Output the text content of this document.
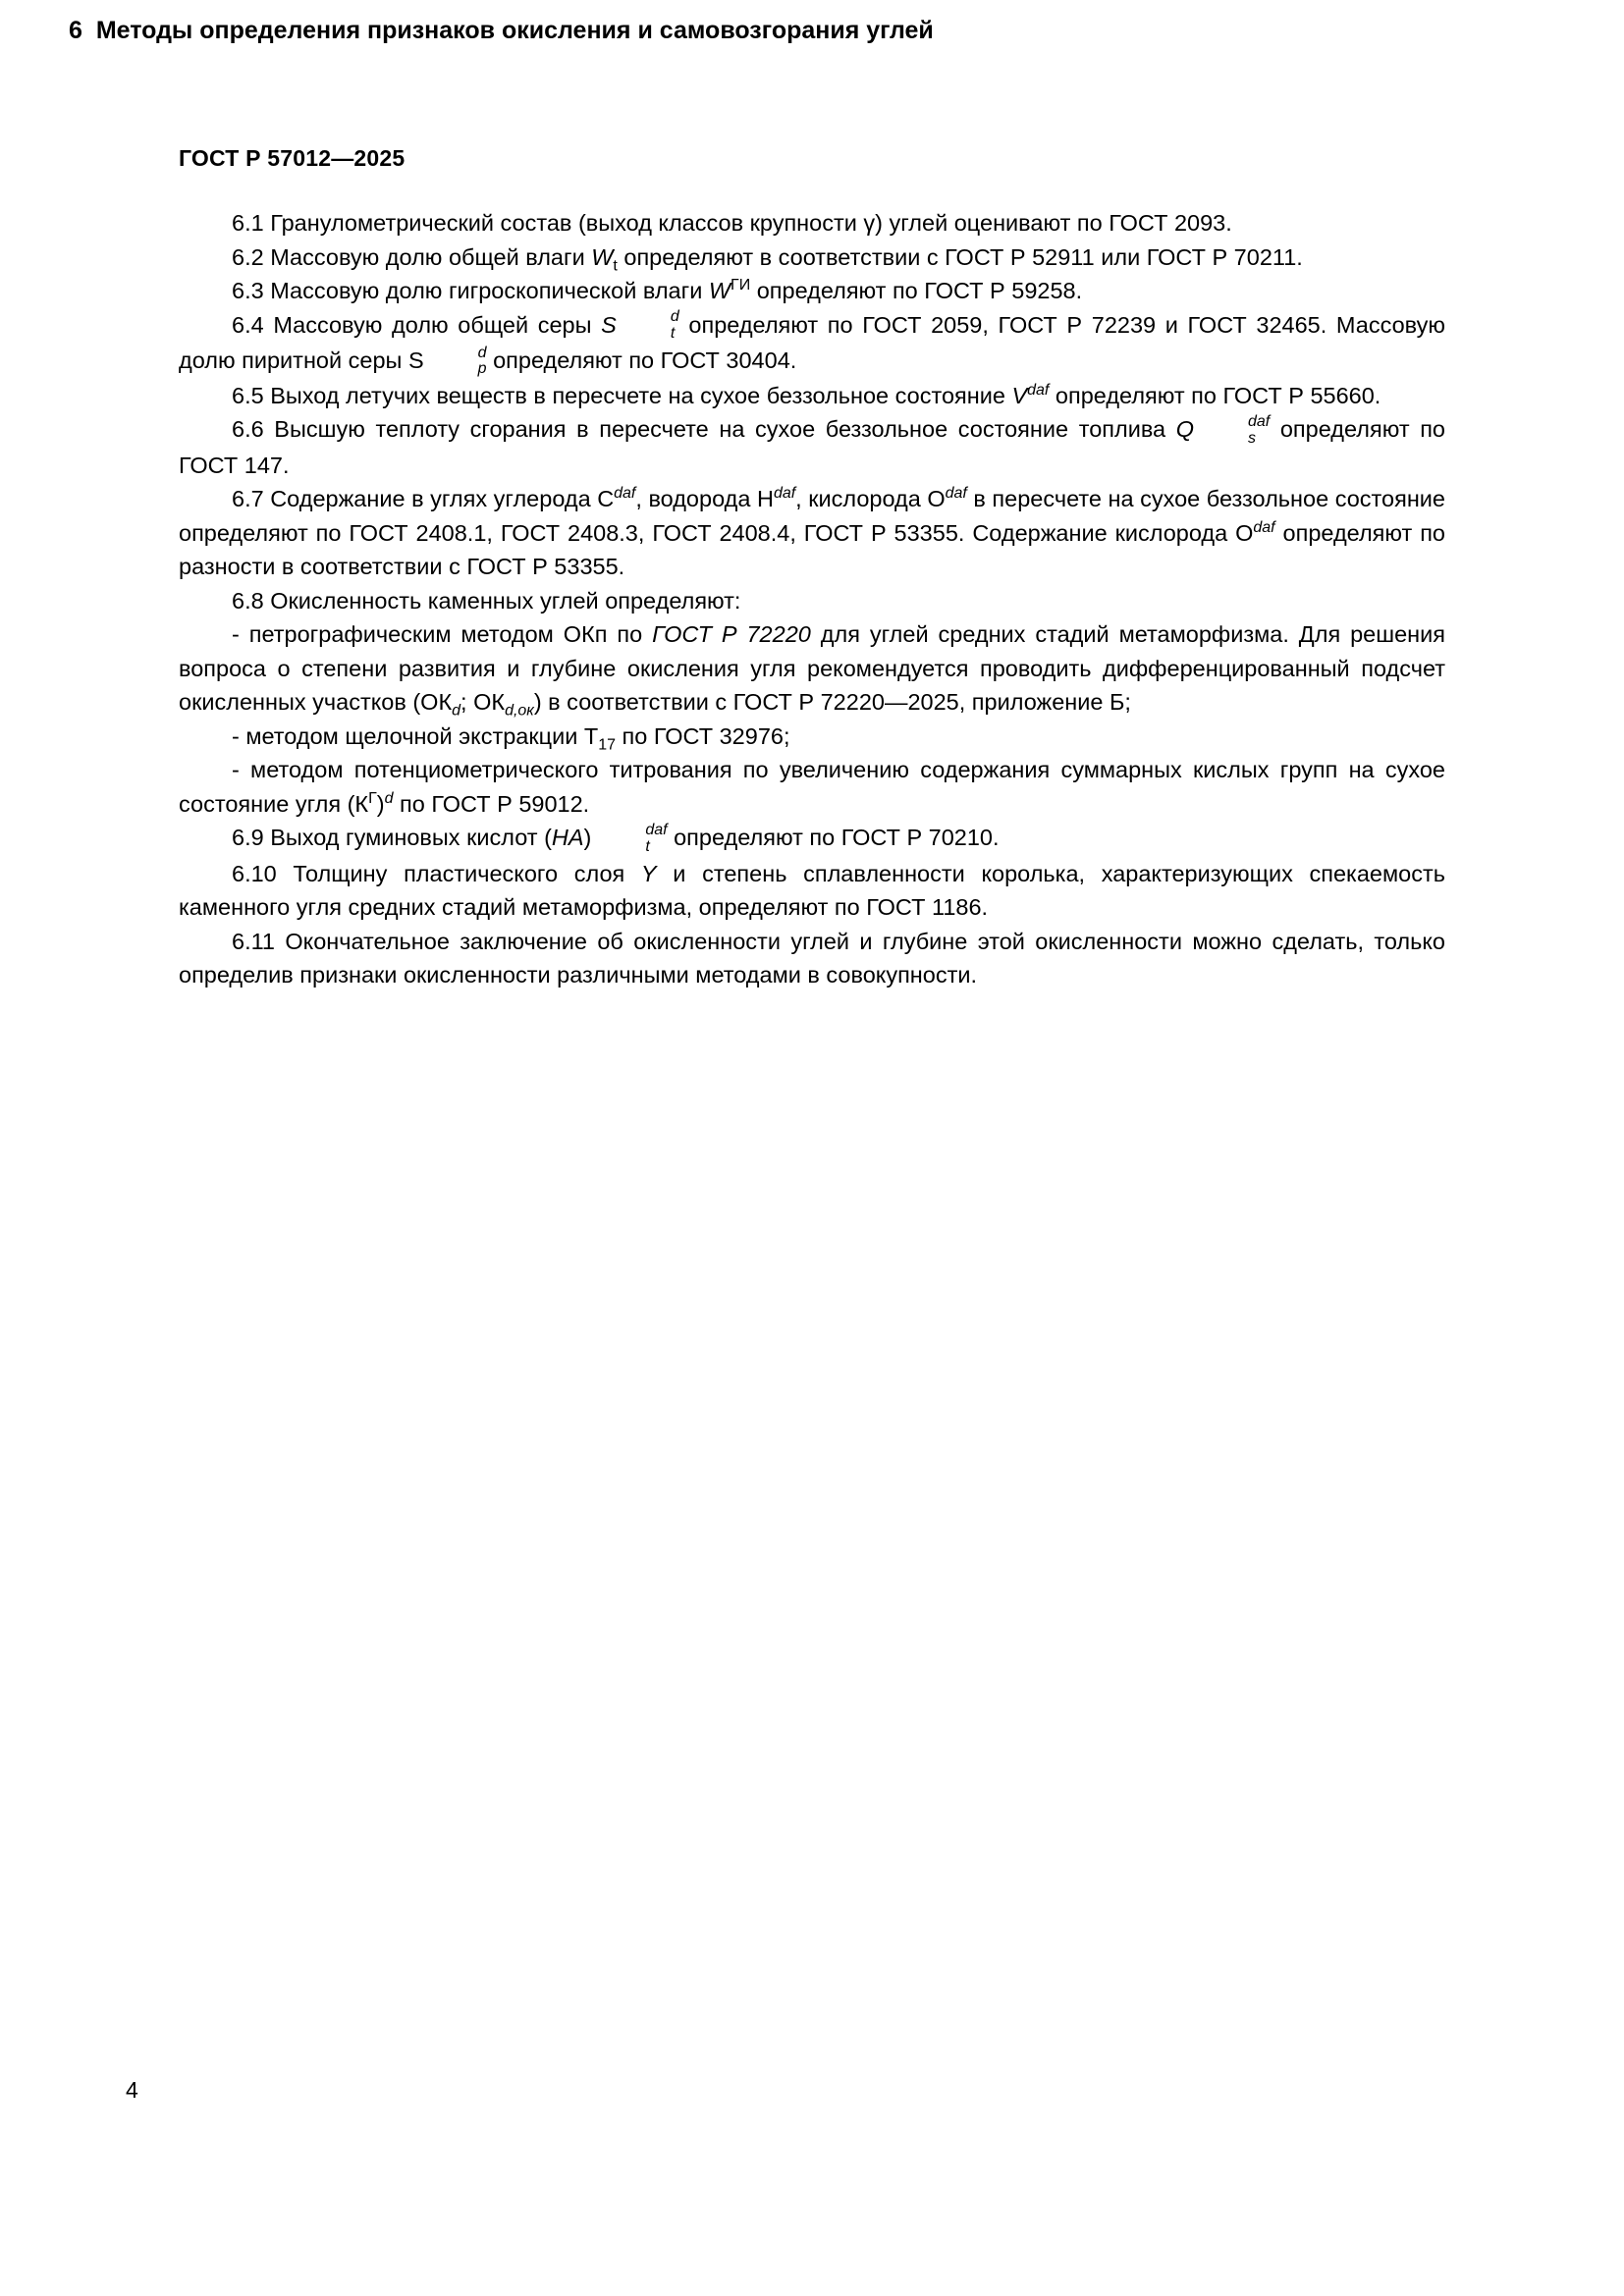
ГОСТ Р 57012—2025
6 Методы определения признаков окисления и самовозгорания углей

6.1 Гранулометрический состав (выход классов крупности γ) углей оценивают по ГОСТ 2093.

6.2 Массовую долю общей влаги $W_t$ определяют в соответствии с ГОСТ Р 52911 или ГОСТ Р 70211.

6.3 Массовую долю гигроскопической влаги $W^{ГИ}$ определяют по ГОСТ Р 59258.

6.4 Массовую долю общей серы S	d
t определяют по ГОСТ 2059, ГОСТ Р 72239 и ГОСТ 32465. Массовую долю пиритной серы S	d
p определяют по ГОСТ 30404.

6.5 Выход летучих веществ в пересчете на сухое беззольное состояние $V^{daf}$ определяют по ГОСТ Р 55660.

6.6 Высшую теплоту сгорания в пересчете на сухое беззольное состояние топлива Q	daf
s определяют по ГОСТ 147.

6.7 Содержание в углях углерода $C^{daf}$, водорода $H^{daf}$, кислорода $O^{daf}$ в пересчете на сухое беззольное состояние определяют по ГОСТ 2408.1, ГОСТ 2408.3, ГОСТ 2408.4, ГОСТ Р 53355. Содержание кислорода $O^{daf}$ определяют по разности в соответствии с ГОСТ Р 53355.

6.8 Окисленность каменных углей определяют:

- петрографическим методом ОКп по ГОСТ Р 72220 для углей средних стадий метаморфизма. Для решения вопроса о степени развития и глубине окисления угля рекомендуется проводить дифференцированный подсчет окисленных участков ($ОК_d$; $ОК_{d,ок}$) в соответствии с ГОСТ Р 72220—2025, приложение Б;

- методом щелочной экстракции $Т_{17}$ по ГОСТ 32976;

- методом потенциометрического титрования по увеличению содержания суммарных кислых групп на сухое состояние угля $(К^Г)^d$ по ГОСТ Р 59012.

6.9 Выход гуминовых кислот (HA)	daf
t определяют по ГОСТ Р 70210.

6.10 Толщину пластического слоя Y и степень сплавленности королька, характеризующих спекаемость каменного угля средних стадий метаморфизма, определяют по ГОСТ 1186.

6.11 Окончательное заключение об окисленности углей и глубине этой окисленности можно сделать, только определив признаки окисленности различными методами в совокупности.

4
